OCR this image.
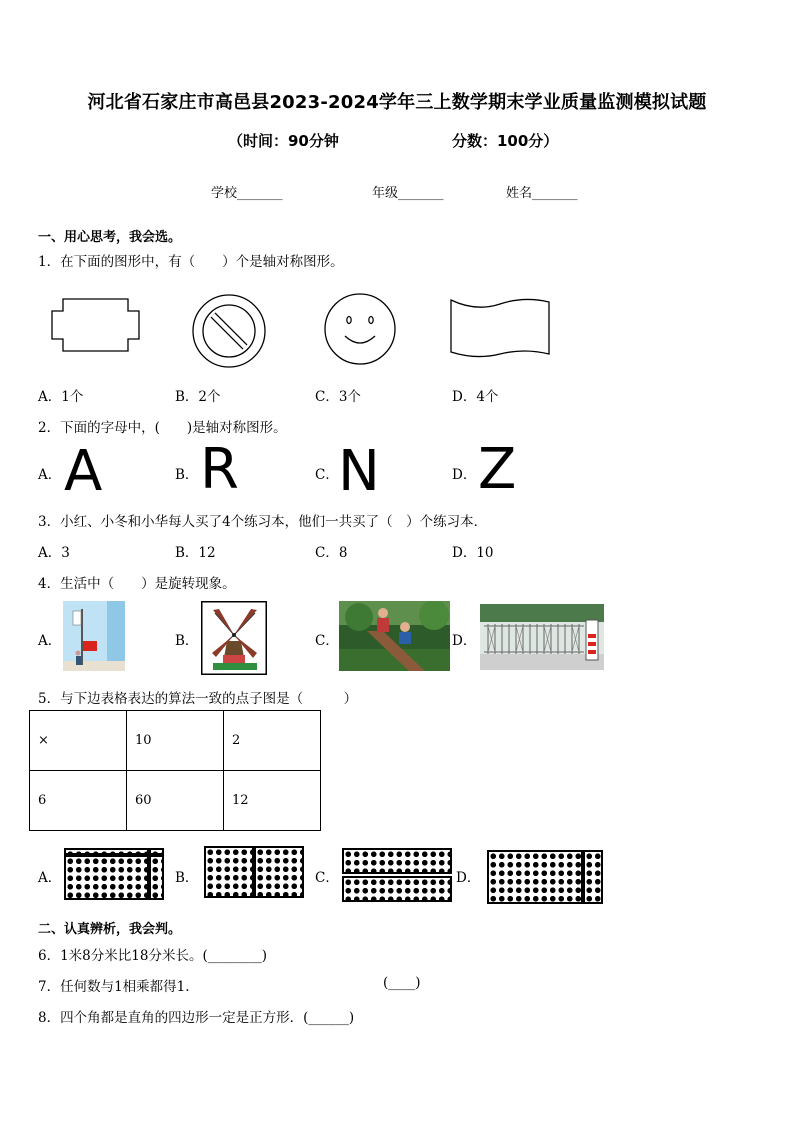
河北省石家庄市高邑县2023-2024学年三上数学期末学业质量监测模拟试题
（时间：90分钟	分数：100分）
学校_______	年级_______	姓名_______
一、用心思考，我会选。
1．在下面的图形中，有（　　）个是轴对称图形。
A．1个	B．2个	C．3个	D．4个
2．下面的字母中，(　　)是轴对称图形。
A． A	B． R	C． N	D． Z
3．小红、小冬和小华每人买了4个练习本，他们一共买了（　）个练习本．
A．3	B．12	C．8	D．10
4．生活中（　　）是旋转现象。
A．	B．	C．	D．
5．与下边表格表达的算法一致的点子图是（　　　）
×	10	2
6	60	12
A．	B．	C．	D．
二、认真辨析，我会判。
6．1米8分米比18分米长。(________)
7．任何数与1相乘都得1.	(____)
8．四个角都是直角的四边形一定是正方形．(______)
